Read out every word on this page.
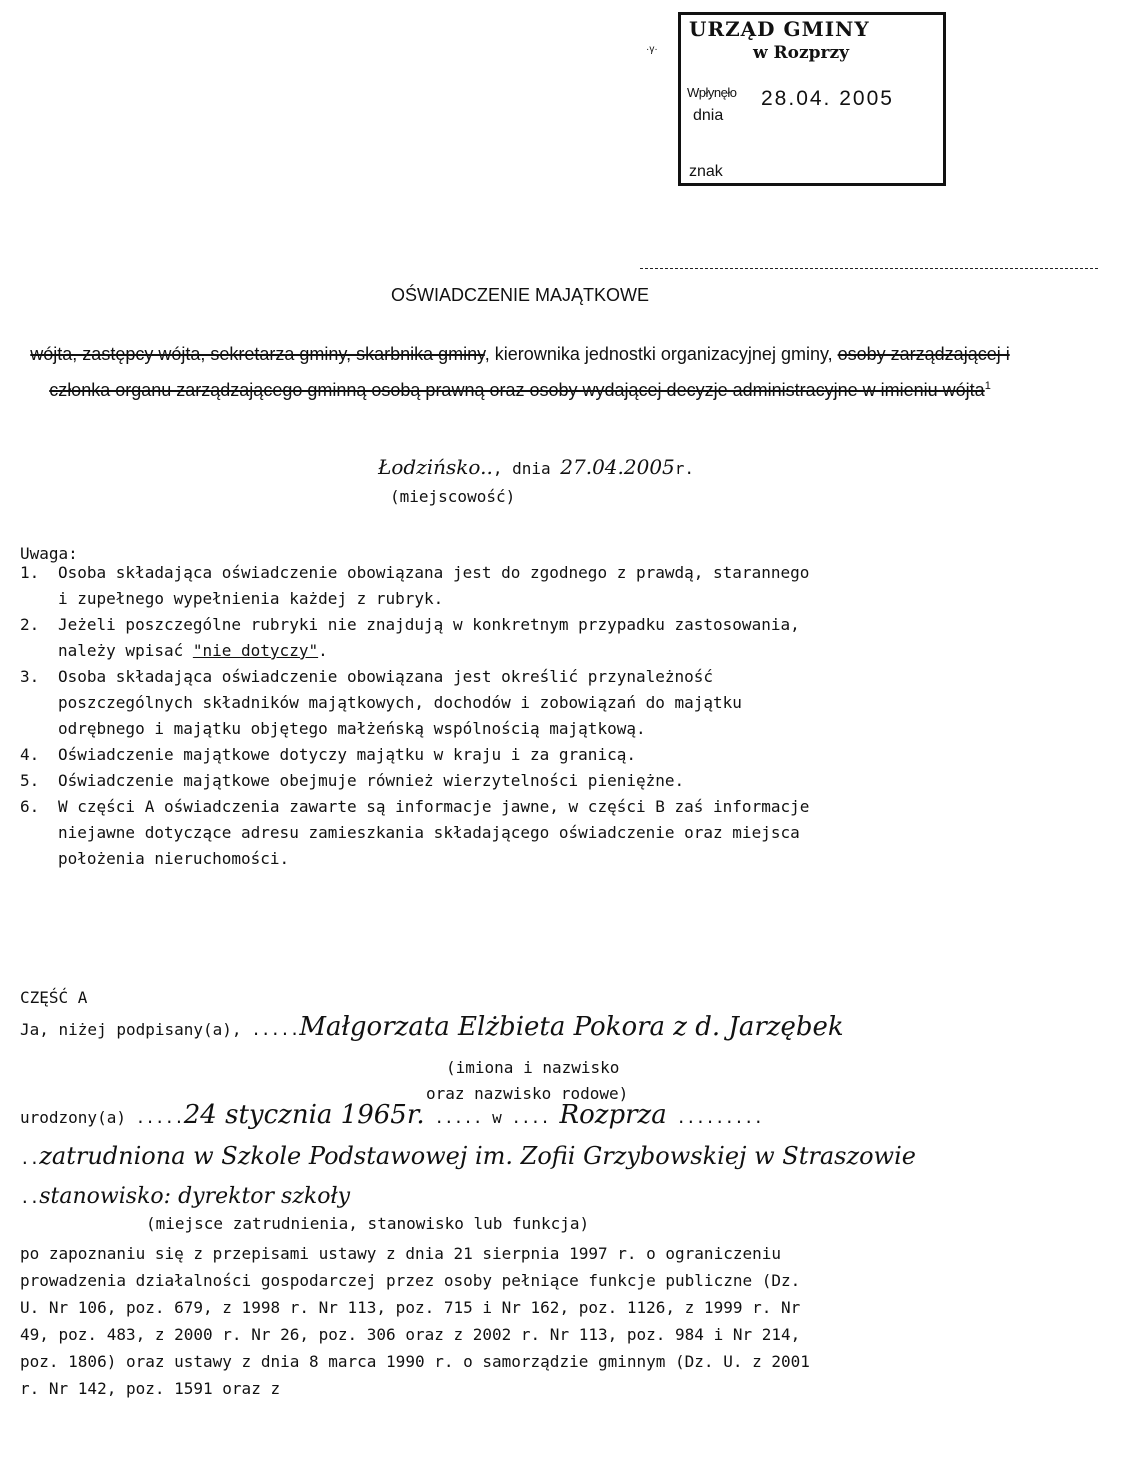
·γ·
URZĄD GMINY
w Rozprzy
Wpłynęło
dnia
28.04. 2005
znak
OŚWIADCZENIE MAJĄTKOWE
wójta, zastępcy wójta, sekretarza gminy, skarbnika gminy, kierownika jednostki organizacyjnej gminy, osoby zarządzającej i członka organu zarządzającego gminną osobą prawną oraz osoby wydającej decyzje administracyjne w imieniu wójta$^1$
Łodzińsko.., dnia 27.04.2005r.
(miejscowość)
Uwaga:
1. Osoba składająca oświadczenie obowiązana jest do zgodnego z prawdą, starannego i zupełnego wypełnienia każdej z rubryk.
2. Jeżeli poszczególne rubryki nie znajdują w konkretnym przypadku zastosowania, należy wpisać "nie dotyczy".
3. Osoba składająca oświadczenie obowiązana jest określić przynależność poszczególnych składników majątkowych, dochodów i zobowiązań do majątku odrębnego i majątku objętego małżeńską wspólnością majątkową.
4. Oświadczenie majątkowe dotyczy majątku w kraju i za granicą.
5. Oświadczenie majątkowe obejmuje również wierzytelności pieniężne.
6. W części A oświadczenia zawarte są informacje jawne, w części B zaś informacje niejawne dotyczące adresu zamieszkania składającego oświadczenie oraz miejsca położenia nieruchomości.
CZĘŚĆ A
Ja, niżej podpisany(a), .....Małgorzata Elżbieta Pokora z d. Jarzębek
(imiona i nazwisko
oraz nazwisko rodowe)
urodzony(a) .....24 stycznia 1965r. ..... w .... Rozprza .........
..zatrudniona w Szkole Podstawowej im. Zofii Grzybowskiej w Straszowie
..stanowisko: dyrektor szkoły
(miejsce zatrudnienia, stanowisko lub funkcja)
po zapoznaniu się z przepisami ustawy z dnia 21 sierpnia 1997 r. o ograniczeniu prowadzenia działalności gospodarczej przez osoby pełniące funkcje publiczne (Dz. U. Nr 106, poz. 679, z 1998 r. Nr 113, poz. 715 i Nr 162, poz. 1126, z 1999 r. Nr 49, poz. 483, z 2000 r. Nr 26, poz. 306 oraz z 2002 r. Nr 113, poz. 984 i Nr 214, poz. 1806) oraz ustawy z dnia 8 marca 1990 r. o samorządzie gminnym (Dz. U. z 2001 r. Nr 142, poz. 1591 oraz z
